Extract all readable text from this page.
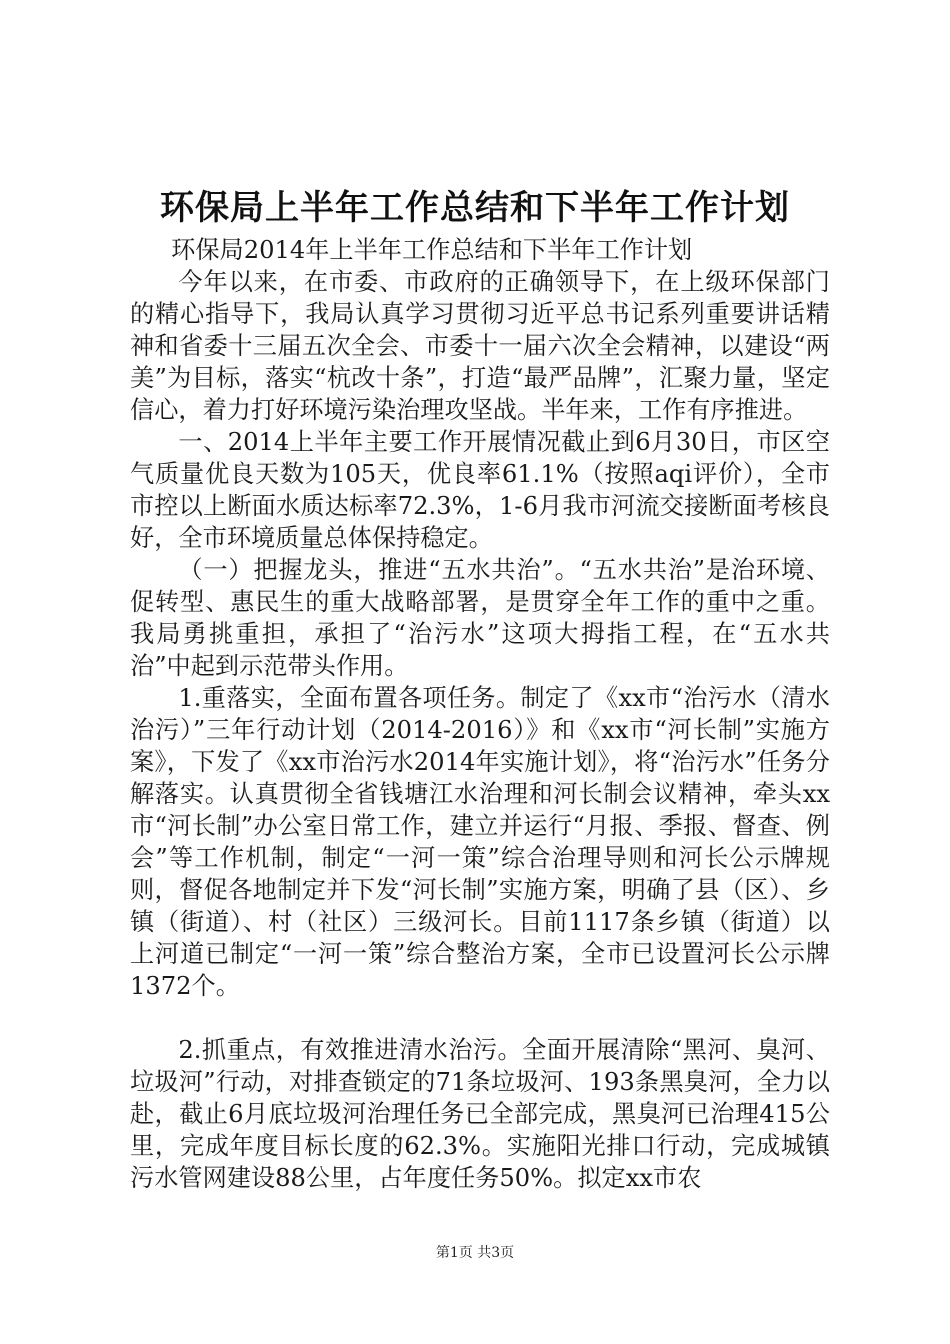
环保局上半年工作总结和下半年工作计划

环保局2014年上半年工作总结和下半年工作计划

今年以来，在市委、市政府的正确领导下，在上级环保部门的精心指导下，我局认真学习贯彻习近平总书记系列重要讲话精神和省委十三届五次全会、市委十一届六次全会精神，以建设“两美”为目标，落实“杭改十条”，打造“最严品牌”，汇聚力量，坚定信心，着力打好环境污染治理攻坚战。半年来，工作有序推进。

一、2014上半年主要工作开展情况截止到6月30日，市区空气质量优良天数为105天，优良率61.1%（按照aqi评价），全市市控以上断面水质达标率72.3%，1-6月我市河流交接断面考核良好，全市环境质量总体保持稳定。

（一）把握龙头，推进“五水共治”。“五水共治”是治环境、促转型、惠民生的重大战略部署，是贯穿全年工作的重中之重。我局勇挑重担，承担了“治污水”这项大拇指工程，在“五水共治”中起到示范带头作用。

1.重落实，全面布置各项任务。制定了《xx市“治污水（清水治污）”三年行动计划（2014-2016）》和《xx市“河长制”实施方案》，下发了《xx市治污水2014年实施计划》，将“治污水”任务分解落实。认真贯彻全省钱塘江水治理和河长制会议精神，牵头xx市“河长制”办公室日常工作，建立并运行“月报、季报、督查、例会”等工作机制，制定“一河一策”综合治理导则和河长公示牌规则，督促各地制定并下发“河长制”实施方案，明确了县（区）、乡镇（街道）、村（社区）三级河长。目前1117条乡镇（街道）以上河道已制定“一河一策”综合整治方案，全市已设置河长公示牌1372个。

2.抓重点，有效推进清水治污。全面开展清除“黑河、臭河、垃圾河”行动，对排查锁定的71条垃圾河、193条黑臭河，全力以赴，截止6月底垃圾河治理任务已全部完成，黑臭河已治理415公里，完成年度目标长度的62.3%。实施阳光排口行动，完成城镇污水管网建设88公里，占年度任务50%。拟定xx市农

第1页 共3页
